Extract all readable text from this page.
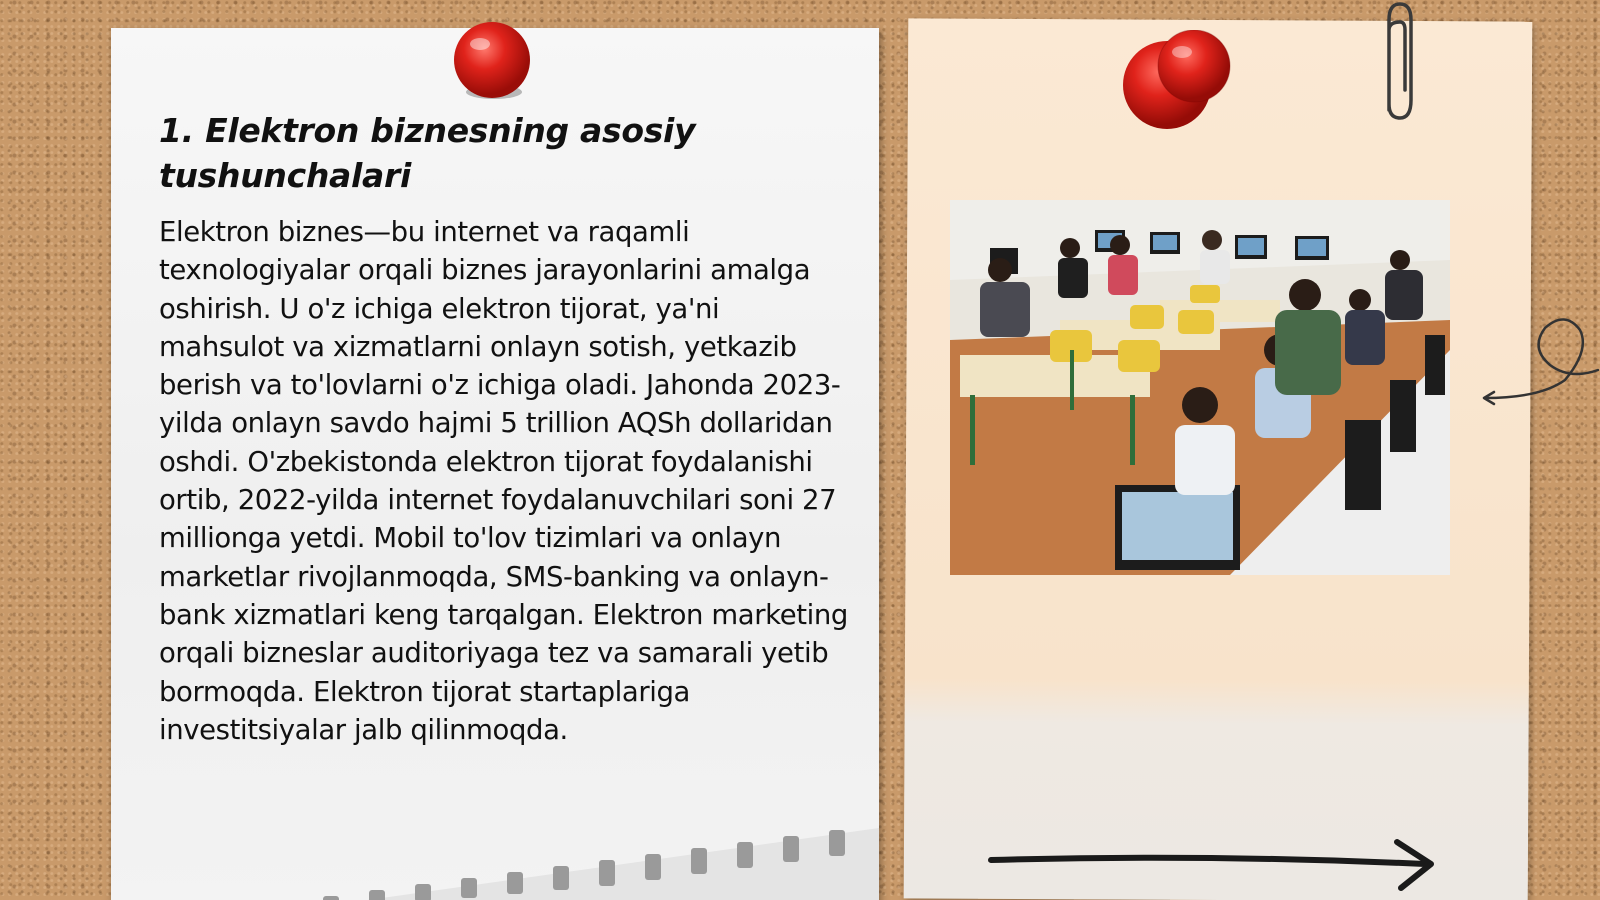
1. Elektron biznesning asosiy tushunchalari

Elektron biznes—bu internet va raqamli texnologiyalar orqali biznes jarayonlarini amalga oshirish. U o'z ichiga elektron tijorat, ya'ni mahsulot va xizmatlarni onlayn sotish, yetkazib berish va to'lovlarni o'z ichiga oladi. Jahonda 2023-yilda onlayn savdo hajmi 5 trillion AQSh dollaridan oshdi. O'zbekistonda elektron tijorat foydalanishi ortib, 2022-yilda internet foydalanuvchilari soni 27 millionga yetdi. Mobil to'lov tizimlari va onlayn marketlar rivojlanmoqda, SMS-banking va onlayn-bank xizmatlari keng tarqalgan. Elektron marketing orqali bizneslar auditoriyaga tez va samarali yetib bormoqda. Elektron tijorat startaplariga investitsiyalar jalb qilinmoqda.
